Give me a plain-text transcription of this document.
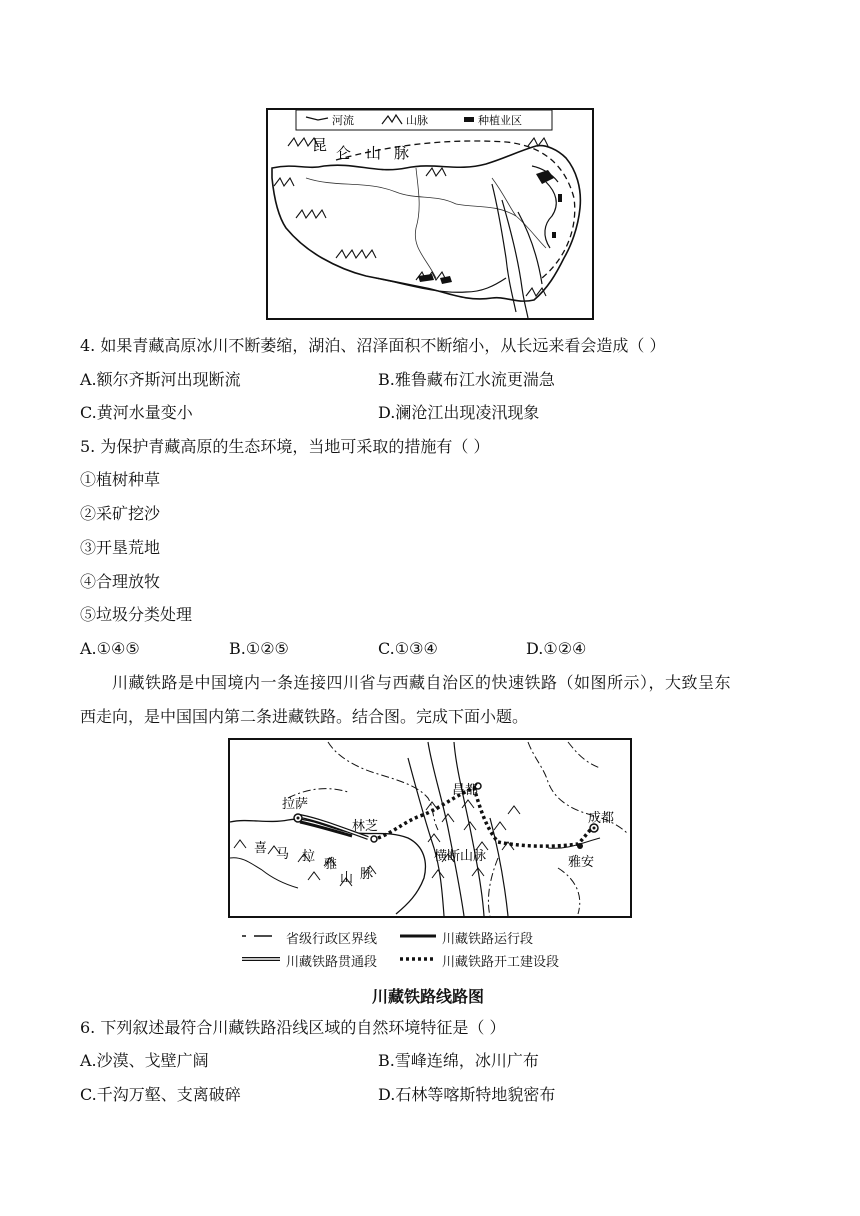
河流	山脉	种植业区
昆 仑 山 脉
4. 如果青藏高原冰川不断萎缩，湖泊、沼泽面积不断缩小，从长远来看会造成（ ）
A.额尔齐斯河出现断流	B.雅鲁藏布江水流更湍急
C.黄河水量变小	D.澜沧江出现凌汛现象
5. 为保护青藏高原的生态环境，当地可采取的措施有（ ）
①植树种草
②采矿挖沙
③开垦荒地
④合理放牧
⑤垃圾分类处理
A.①④⑤	B.①②⑤	C.①③④	D.①②④
川藏铁路是中国境内一条连接四川省与西藏自治区的快速铁路（如图所示），大致呈东
西走向，是中国国内第二条进藏铁路。结合图。完成下面小题。
拉萨
林芝
昌都
成都
雅安
横断山脉
喜 马 拉
雅
山 脉
省级行政区界线	川藏铁路运行段
川藏铁路贯通段	川藏铁路开工建设段
川藏铁路线路图
6. 下列叙述最符合川藏铁路沿线区域的自然环境特征是（ ）
A.沙漠、戈壁广阔	B.雪峰连绵，冰川广布
C.千沟万壑、支离破碎	D.石林等喀斯特地貌密布
